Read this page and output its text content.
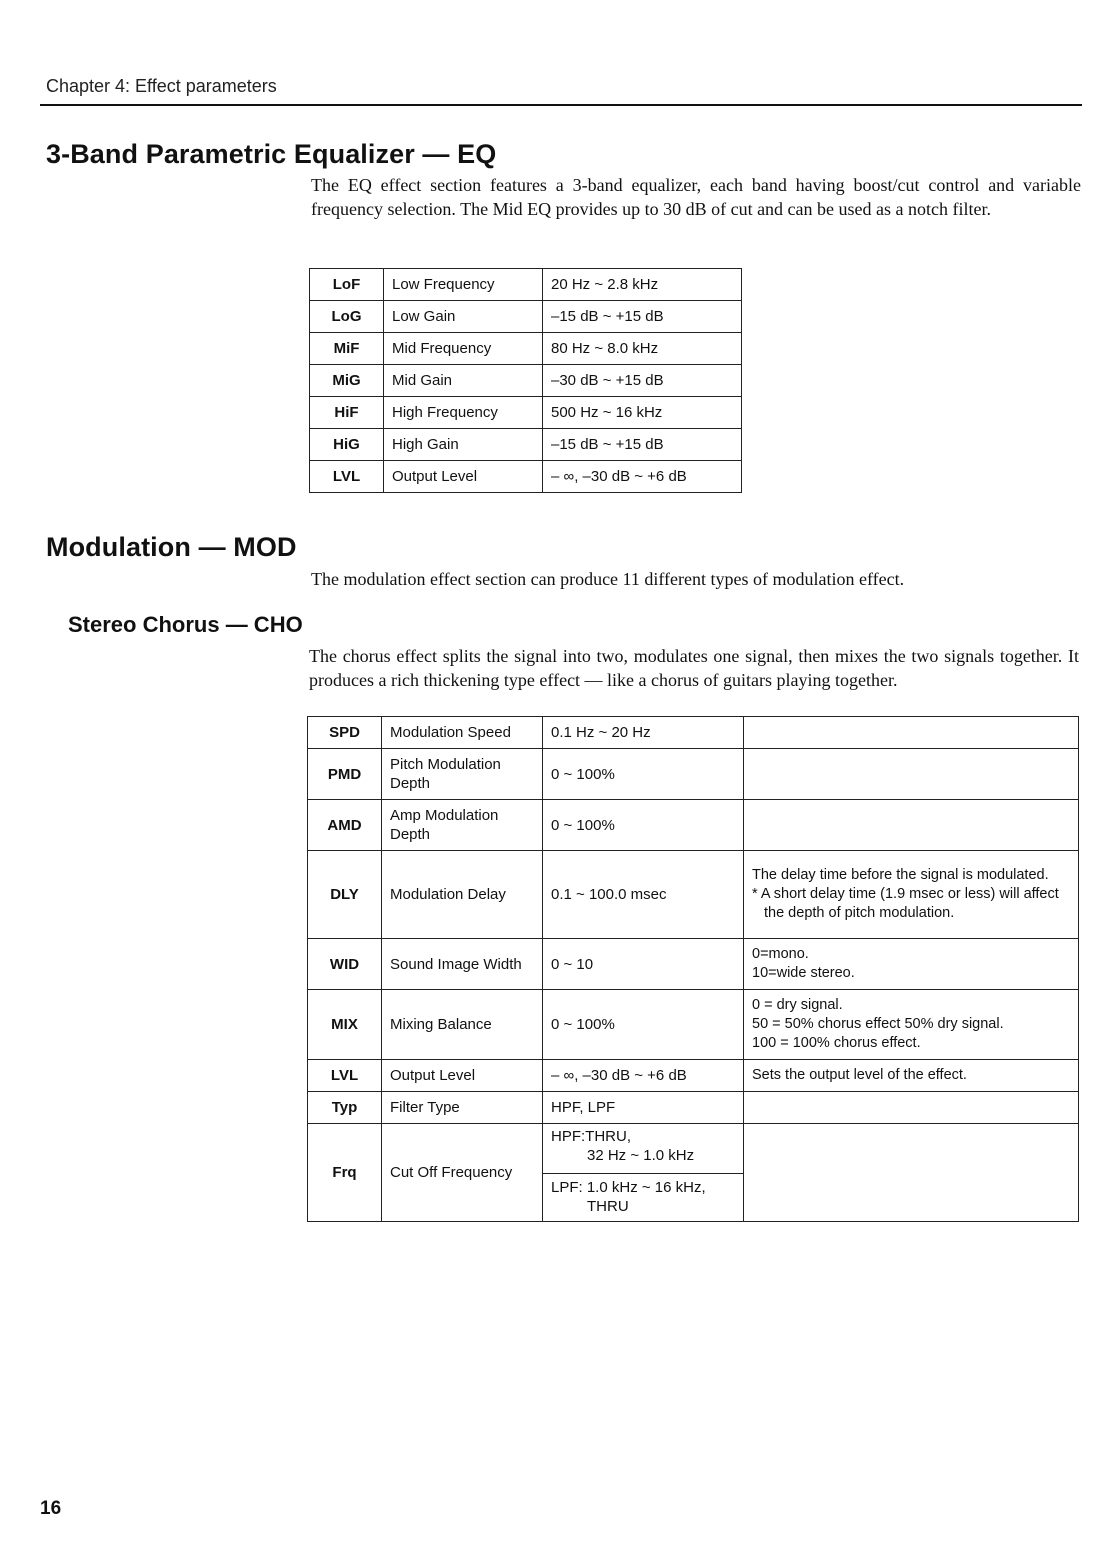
Chapter 4: Effect parameters
3-Band Parametric Equalizer — EQ
The EQ effect section features a 3-band equalizer, each band having boost/cut control and variable frequency selection. The Mid EQ provides up to 30 dB of cut and can be used as a notch filter.
LoF	Low Frequency	20 Hz ~ 2.8 kHz
LoG	Low Gain	–15 dB ~ +15 dB
MiF	Mid Frequency	80 Hz ~ 8.0 kHz
MiG	Mid Gain	–30 dB ~ +15 dB
HiF	High Frequency	500 Hz ~ 16 kHz
HiG	High Gain	–15 dB ~ +15 dB
LVL	Output Level	– ∞, –30 dB ~ +6 dB
Modulation — MOD
The modulation effect section can produce 11 different types of modulation effect.
Stereo Chorus — CHO
The chorus effect splits the signal into two, modulates one signal, then mixes the two signals together. It produces a rich thickening type effect — like a chorus of guitars playing together.
SPD	Modulation Speed	0.1 Hz ~ 20 Hz	
PMD	Pitch Modulation Depth	0 ~ 100%	
AMD	Amp Modulation Depth	0 ~ 100%	
DLY	Modulation Delay	0.1 ~ 100.0 msec	The delay time before the signal is modulated.
* A short delay time (1.9 msec or less) will affect the depth of pitch modulation.

WID	Sound Image Width	0 ~ 10	0=mono.
10=wide stereo.

MIX	Mixing Balance	0 ~ 100%	0 = dry signal.
50 = 50% chorus effect 50% dry signal.
100 = 100% chorus effect.

LVL	Output Level	– ∞, –30 dB ~ +6 dB	Sets the output level of the effect.
Typ	Filter Type	HPF, LPF	
Frq	Cut Off Frequency	HPF:THRU,
32 Hz ~ 1.0 kHz
LPF: 1.0 kHz ~ 16 kHz,
THRU	

16
